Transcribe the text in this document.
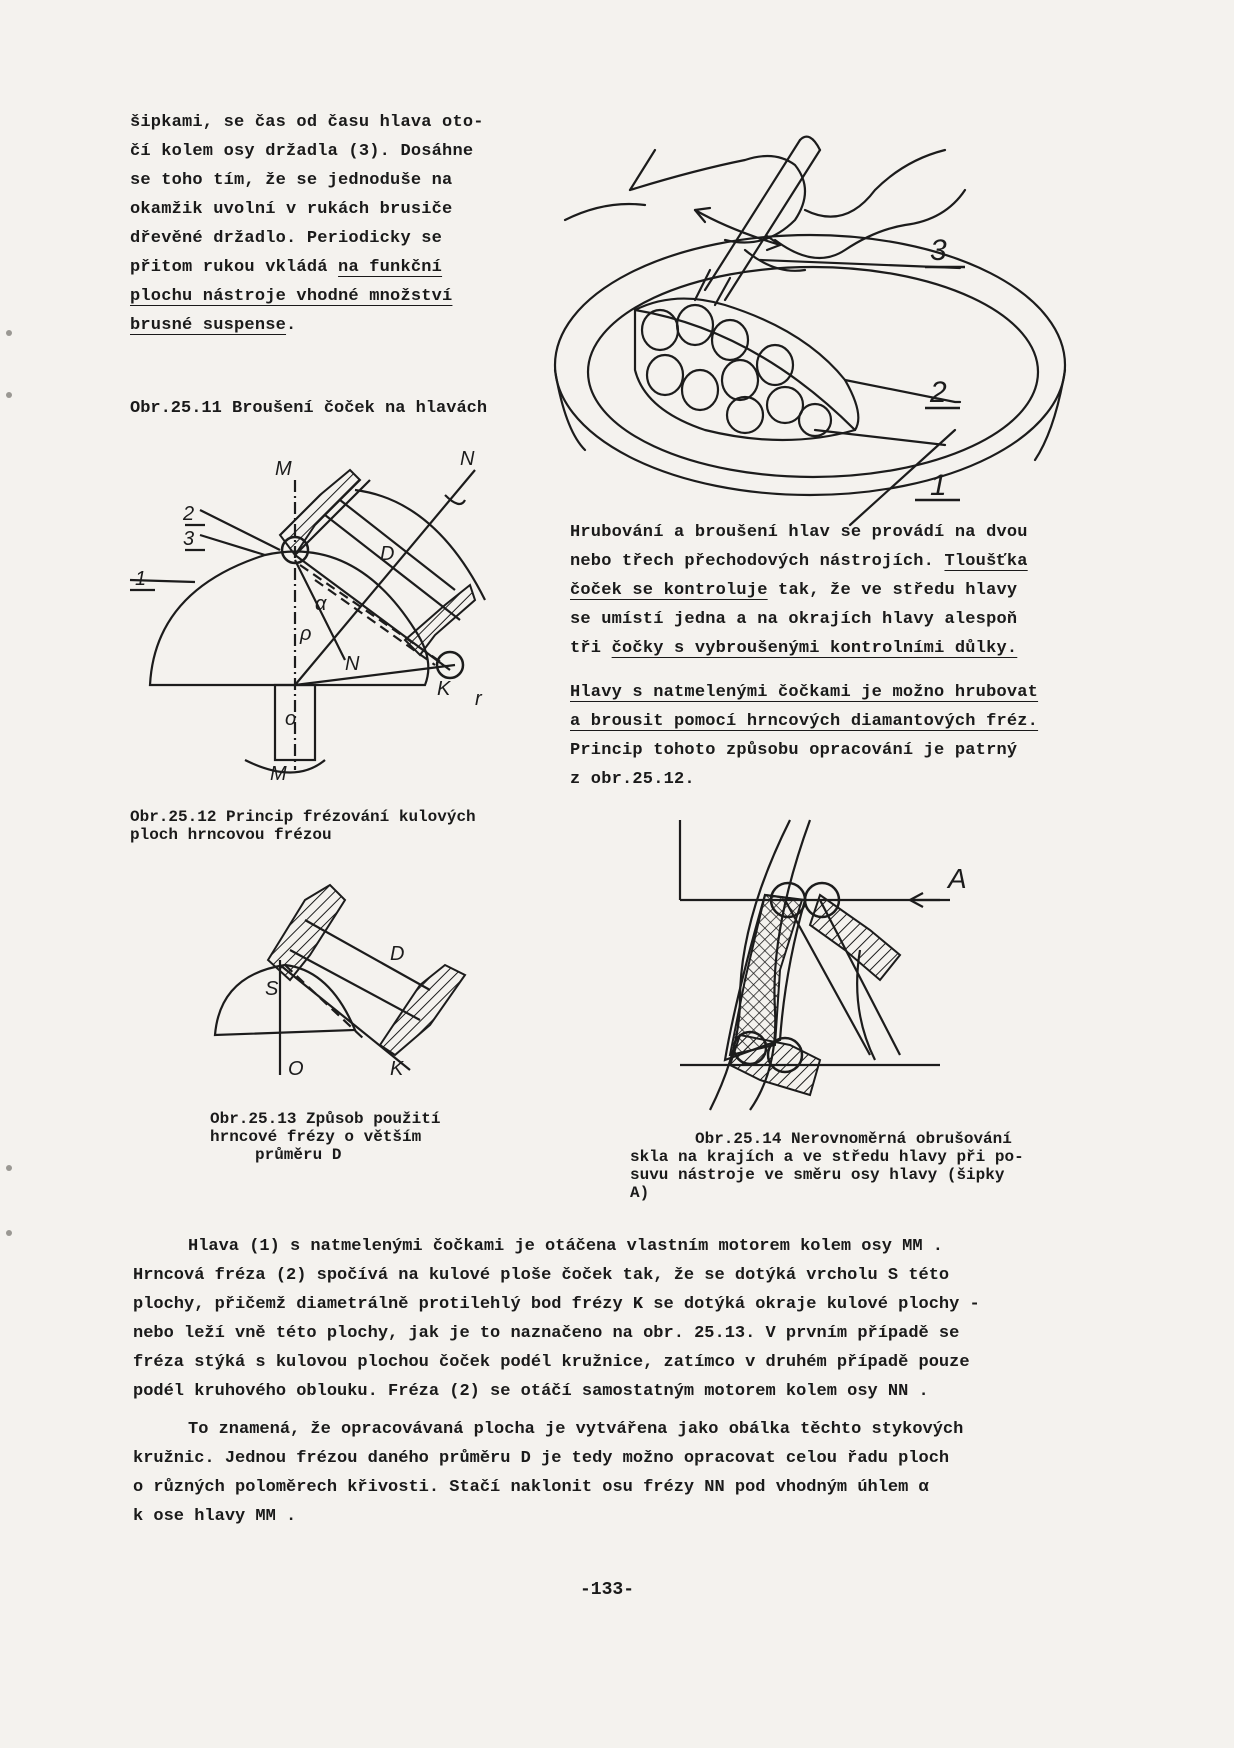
šipkami, se čas od času hlava oto-
čí kolem osy držadla (3). Dosáhne
se toho tím, že se jednoduše na
okamžik uvolní v rukách brusiče
dřevěné držadlo. Periodicky se
přitom rukou vkládá na funkční
plochu nástroje vhodné množství
brusné suspense.
Obr.25.11 Broušení čoček na hlavách
3
2
1
M	N
2
3
1
D
α
ρ
N
K r
o
M
Obr.25.12 Princip frézování kulových
ploch hrncovou frézou
S
D
O	K
Obr.25.13 Způsob použití
hrncové frézy o větším
průměru D
Hrubování a broušení hlav se provádí na dvou
nebo třech přechodových nástrojích. Tloušťka
čoček se kontroluje tak, že ve středu hlavy
se umístí jedna a na okrajích hlavy alespoň
tři čočky s vybroušenými kontrolními důlky.
Hlavy s natmelenými čočkami je možno hrubovat
a brousit pomocí hrncových diamantových fréz.
Princip tohoto způsobu opracování je patrný
z obr.25.12.
A
Obr.25.14 Nerovnoměrná obrušování
skla na krajích a ve středu hlavy při po-
suvu nástroje ve směru osy hlavy (šipky
A)
Hlava (1) s natmelenými čočkami je otáčena vlastním motorem kolem osy MM .
Hrncová fréza (2) spočívá na kulové ploše čoček tak, že se dotýká vrcholu S této
plochy, přičemž diametrálně protilehlý bod frézy K se dotýká okraje kulové plochy -
nebo leží vně této plochy, jak je to naznačeno na obr. 25.13. V prvním případě se
fréza stýká s kulovou plochou čoček podél kružnice, zatímco v druhém případě pouze
podél kruhového oblouku. Fréza (2) se otáčí samostatným motorem kolem osy NN .
To znamená, že opracovávaná plocha je vytvářena jako obálka těchto stykových
kružnic. Jednou frézou daného průměru D je tedy možno opracovat celou řadu ploch
o různých poloměrech křivosti. Stačí naklonit osu frézy NN pod vhodným úhlem α
k ose hlavy MM .
-133-
